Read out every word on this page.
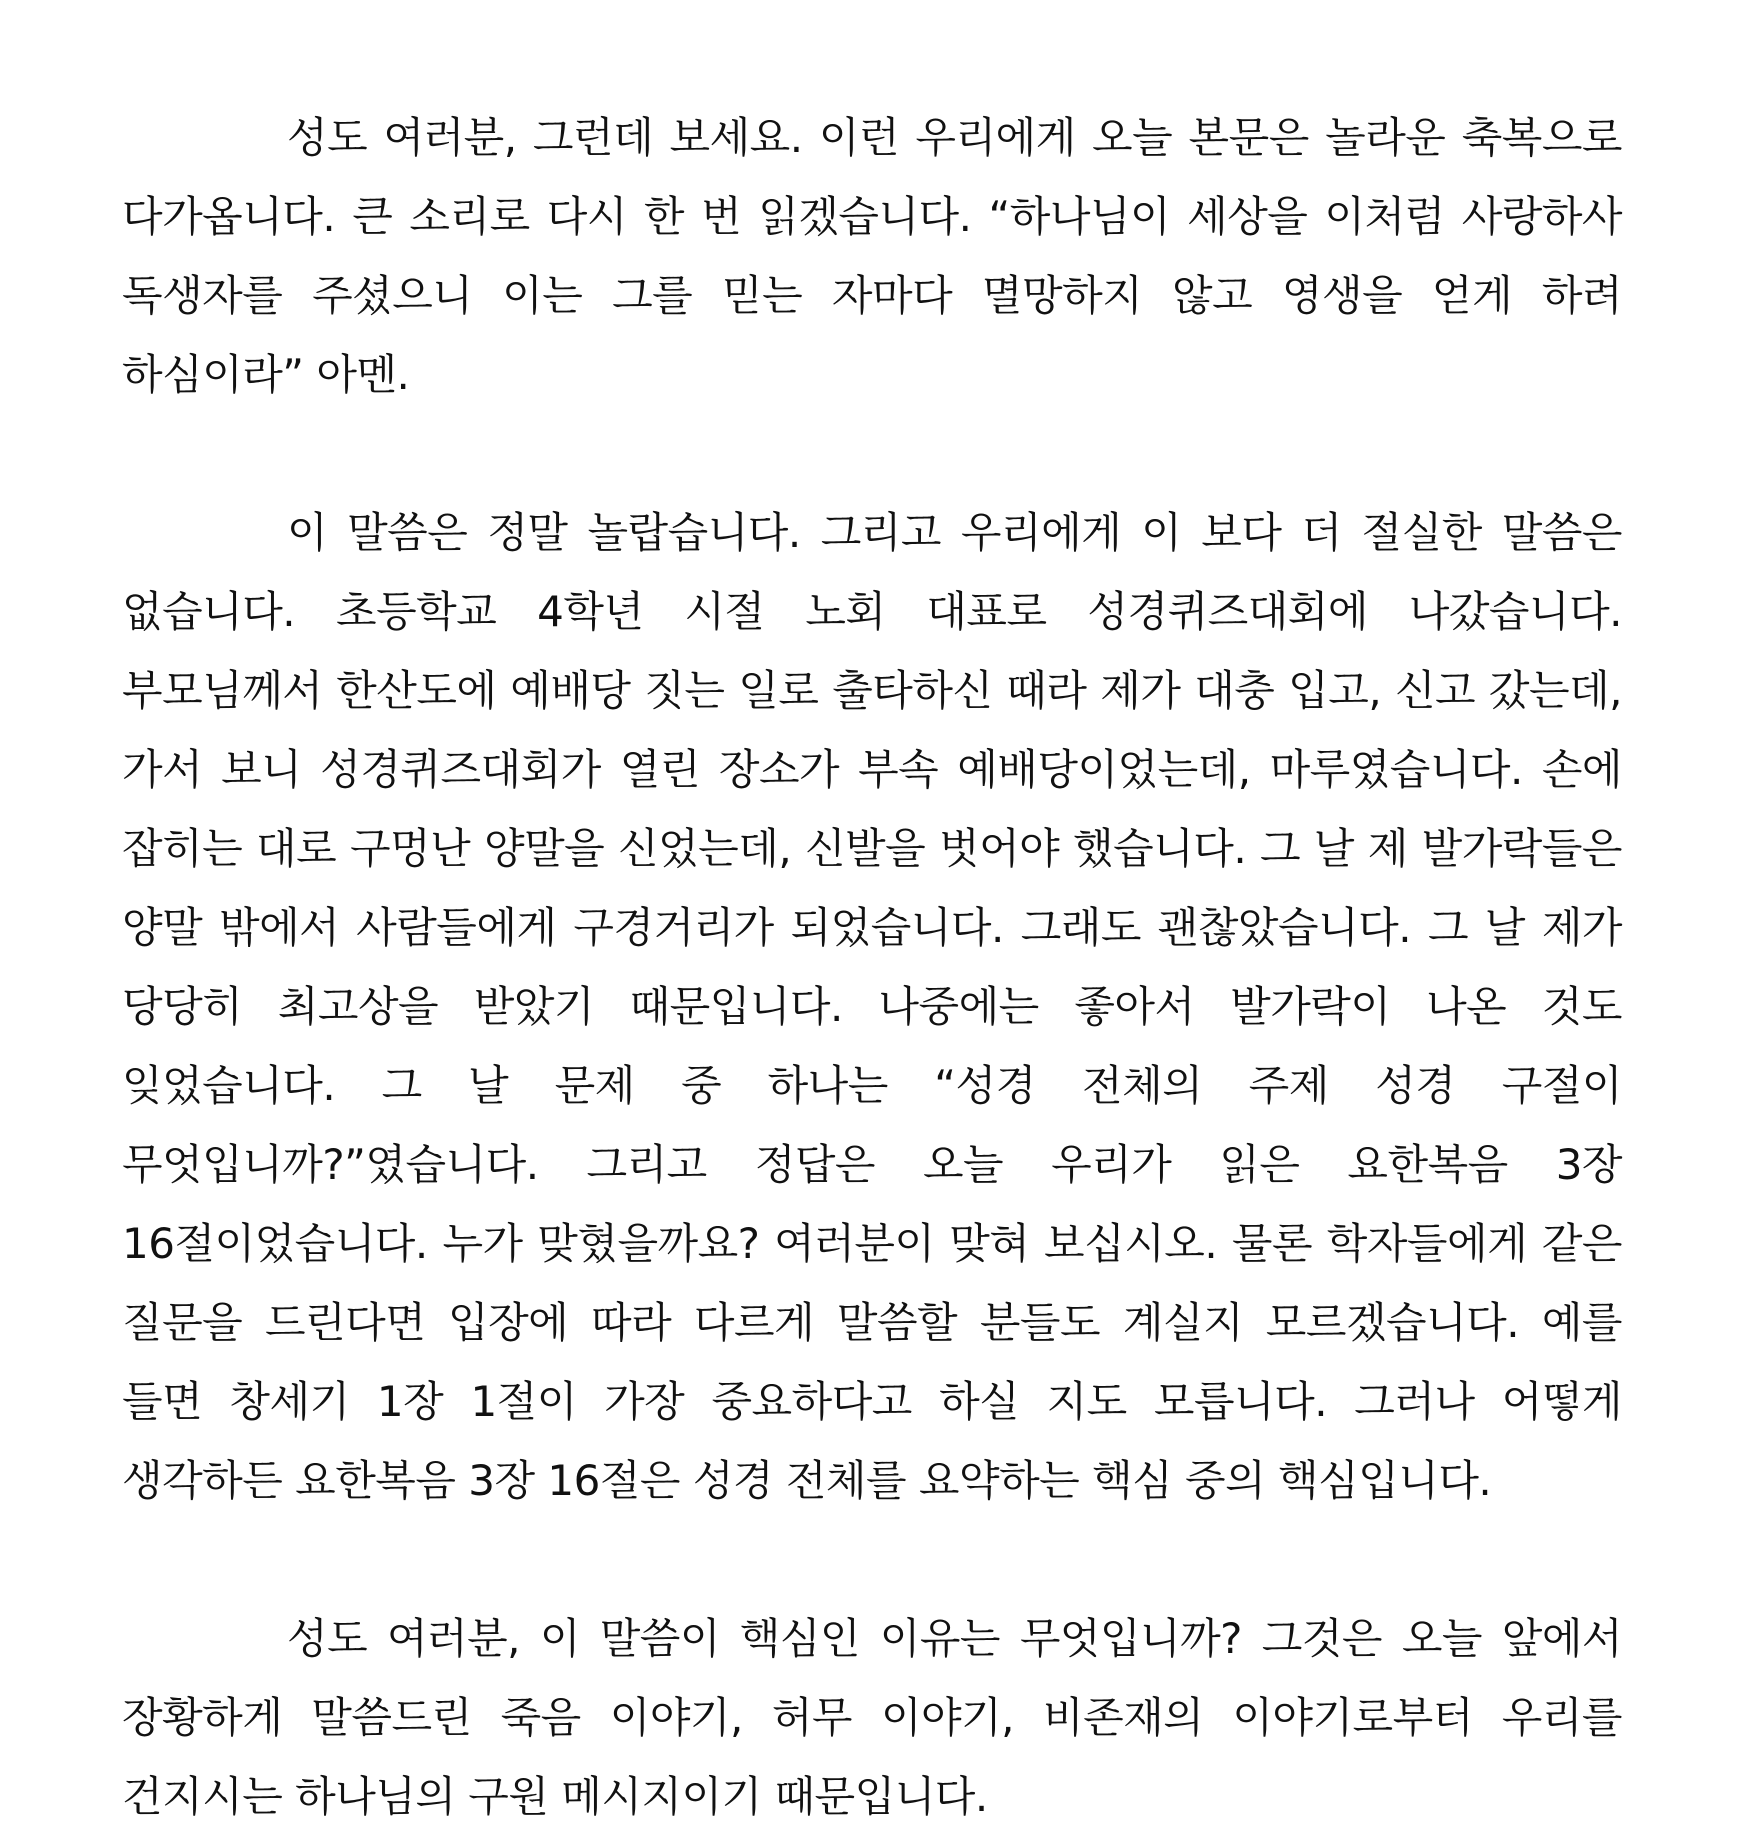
성도 여러분, 그런데 보세요. 이런 우리에게 오늘 본문은 놀라운 축복으로 다가옵니다. 큰 소리로 다시 한 번 읽겠습니다. “하나님이 세상을 이처럼 사랑하사 독생자를 주셨으니 이는 그를 믿는 자마다 멸망하지 않고 영생을 얻게 하려 하심이라” 아멘.

이 말씀은 정말 놀랍습니다. 그리고 우리에게 이 보다 더 절실한 말씀은 없습니다. 초등학교 4학년 시절 노회 대표로 성경퀴즈대회에 나갔습니다. 부모님께서 한산도에 예배당 짓는 일로 출타하신 때라 제가 대충 입고, 신고 갔는데, 가서 보니 성경퀴즈대회가 열린 장소가 부속 예배당이었는데, 마루였습니다. 손에 잡히는 대로 구멍난 양말을 신었는데, 신발을 벗어야 했습니다. 그 날 제 발가락들은 양말 밖에서 사람들에게 구경거리가 되었습니다. 그래도 괜찮았습니다. 그 날 제가 당당히 최고상을 받았기 때문입니다. 나중에는 좋아서 발가락이 나온 것도 잊었습니다. 그 날 문제 중 하나는 “성경 전체의 주제 성경 구절이 무엇입니까?”였습니다. 그리고 정답은 오늘 우리가 읽은 요한복음 3장 16절이었습니다. 누가 맞혔을까요? 여러분이 맞혀 보십시오. 물론 학자들에게 같은 질문을 드린다면 입장에 따라 다르게 말씀할 분들도 계실지 모르겠습니다. 예를 들면 창세기 1장 1절이 가장 중요하다고 하실 지도 모릅니다. 그러나 어떻게 생각하든 요한복음 3장 16절은 성경 전체를 요약하는 핵심 중의 핵심입니다.

성도 여러분, 이 말씀이 핵심인 이유는 무엇입니까? 그것은 오늘 앞에서 장황하게 말씀드린 죽음 이야기, 허무 이야기, 비존재의 이야기로부터 우리를 건지시는 하나님의 구원 메시지이기 때문입니다.
